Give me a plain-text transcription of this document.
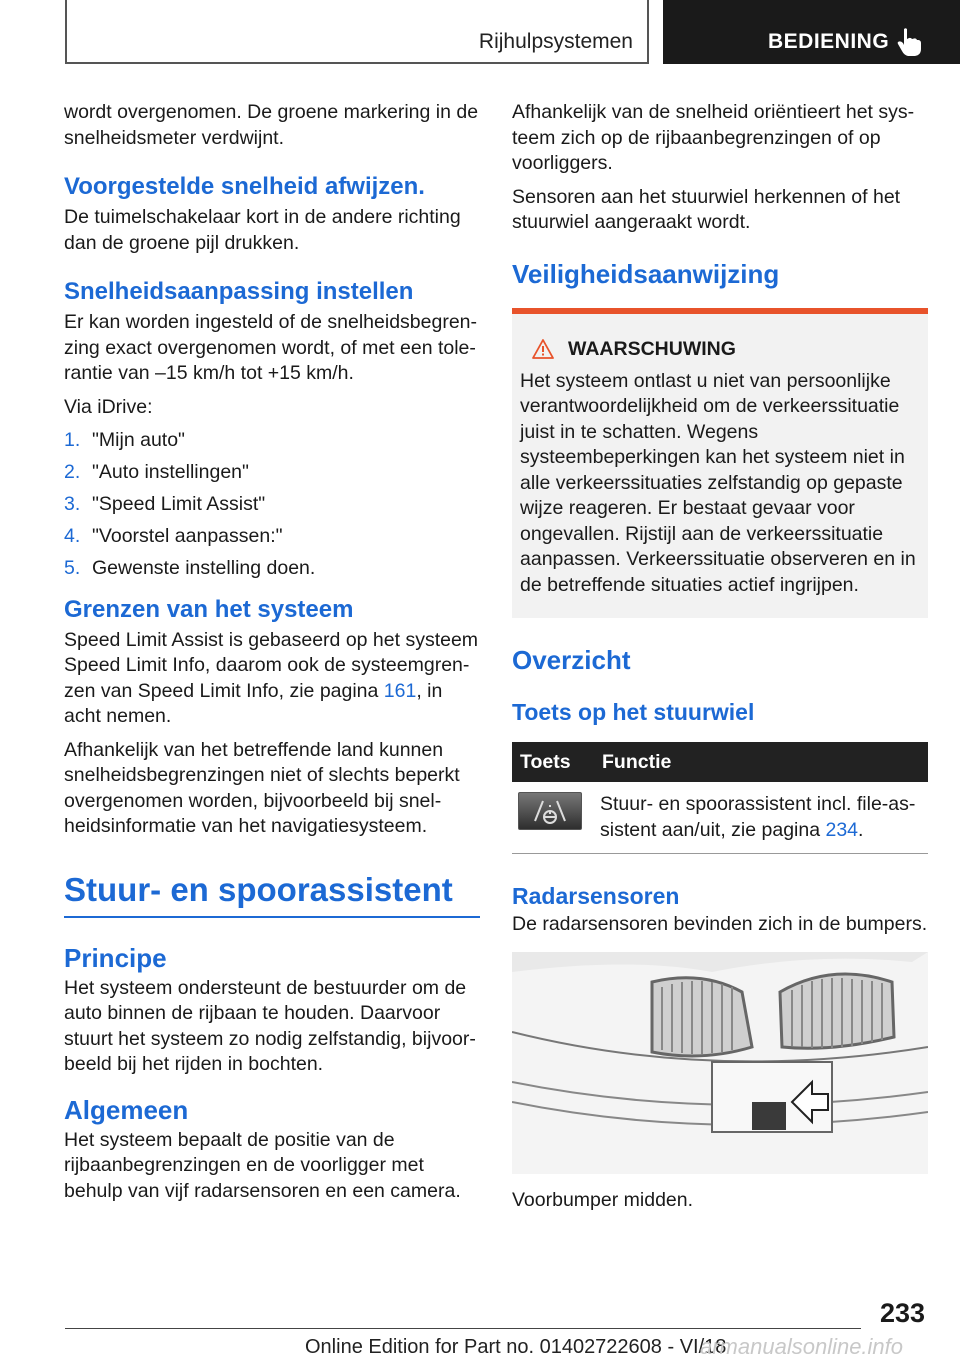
Rijhulpsystemen	BEDIENING

wordt overgenomen. De groene markering in de snelheidsmeter verdwijnt.

Voorgestelde snelheid afwijzen.

De tuimelschakelaar kort in de andere richting dan de groene pijl drukken.

Snelheidsaanpassing instellen

Er kan worden ingesteld of de snelheidsbegrenzing exact overgenomen wordt, of met een tolerantie van –15 km/h tot +15 km/h.

Via iDrive:

1. "Mijn auto"
2. "Auto instellingen"
3. "Speed Limit Assist"
4. "Voorstel aanpassen:"
5. Gewenste instelling doen.
Grenzen van het systeem

Speed Limit Assist is gebaseerd op het systeem Speed Limit Info, daarom ook de systeemgrenzen van Speed Limit Info, zie pagina 161, in acht nemen.

Afhankelijk van het betreffende land kunnen snelheidsbegrenzingen niet of slechts beperkt overgenomen worden, bijvoorbeeld bij snelheidsinformatie van het navigatiesysteem.

Stuur- en spoorassistent
Principe

Het systeem ondersteunt de bestuurder om de auto binnen de rijbaan te houden. Daarvoor stuurt het systeem zo nodig zelfstandig, bijvoorbeeld bij het rijden in bochten.

Algemeen

Het systeem bepaalt de positie van de rijbaanbegrenzingen en de voorligger met behulp van vijf radarsensoren en een camera.

Afhankelijk van de snelheid oriëntieert het systeem zich op de rijbaanbegrenzingen of op voorliggers.

Sensoren aan het stuurwiel herkennen of het stuurwiel aangeraakt wordt.

Veiligheidsaanwijzing
WAARSCHUWING

Het systeem ontlast u niet van persoonlijke verantwoordelijkheid om de verkeerssituatie juist in te schatten. Wegens systeembeperkingen kan het systeem niet in alle verkeerssituaties zelfstandig op gepaste wijze reageren. Er bestaat gevaar voor ongevallen. Rijstijl aan de verkeerssituatie aanpassen. Verkeerssituatie observeren en in de betreffende situaties actief ingrijpen.

Overzicht
Toets op het stuurwiel
Toets	Functie

	Stuur- en spoorassistent incl. file-assistent aan/uit, zie pagina 234.
Radarsensoren

De radarsensoren bevinden zich in de bumpers.

Voorbumper midden.

233
Online Edition for Part no. 01402722608 - VI/18
armanualsonline.info
